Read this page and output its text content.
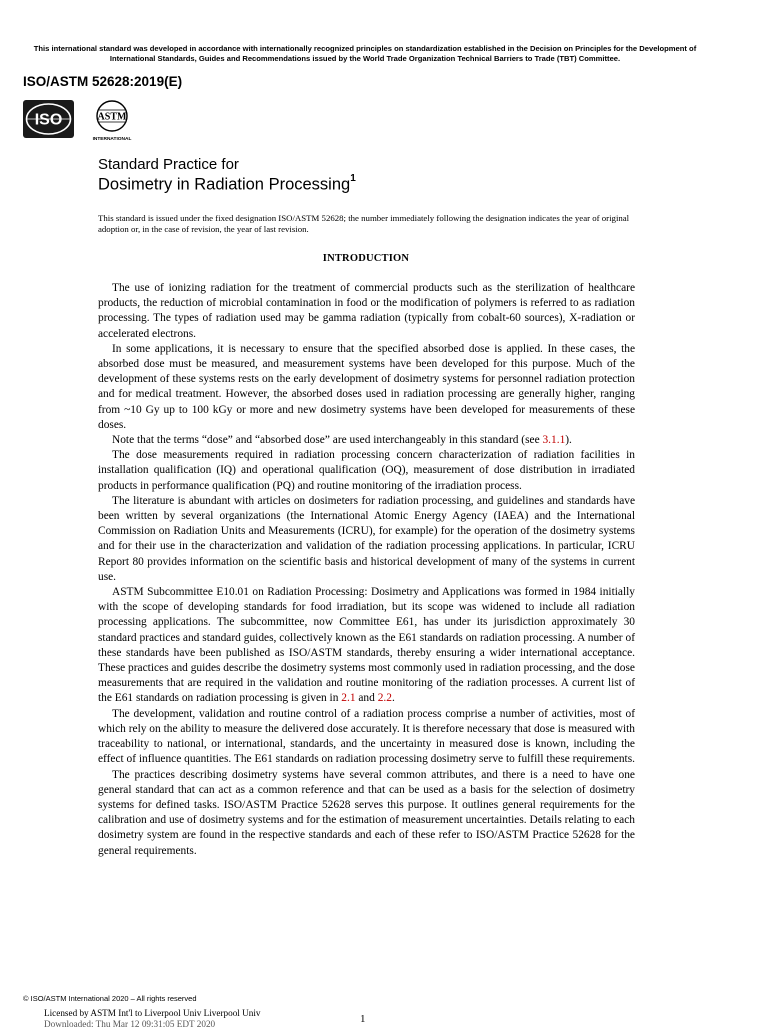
This international standard was developed in accordance with internationally recognized principles on standardization established in the Decision on Principles for the Development of International Standards, Guides and Recommendations issued by the World Trade Organization Technical Barriers to Trade (TBT) Committee.
ISO/ASTM 52628:2019(E)
ISO	ASTM
INTERNATIONAL
Standard Practice for
Dosimetry in Radiation Processing$^1$
This standard is issued under the fixed designation ISO/ASTM 52628; the number immediately following the designation indicates the year of original adoption or, in the case of revision, the year of last revision.
INTRODUCTION

The use of ionizing radiation for the treatment of commercial products such as the sterilization of healthcare products, the reduction of microbial contamination in food or the modification of polymers is referred to as radiation processing. The types of radiation used may be gamma radiation (typically from cobalt-60 sources), X-radiation or accelerated electrons.

In some applications, it is necessary to ensure that the specified absorbed dose is applied. In these cases, the absorbed dose must be measured, and measurement systems have been developed for this purpose. Much of the development of these systems rests on the early development of dosimetry systems for personnel radiation protection and for medical treatment. However, the absorbed doses used in radiation processing are generally higher, ranging from ~10 Gy up to 100 kGy or more and new dosimetry systems have been developed for measurements of these doses.

Note that the terms “dose” and “absorbed dose” are used interchangeably in this standard (see 3.1.1).

The dose measurements required in radiation processing concern characterization of radiation facilities in installation qualification (IQ) and operational qualification (OQ), measurement of dose distribution in irradiated products in performance qualification (PQ) and routine monitoring of the irradiation process.

The literature is abundant with articles on dosimeters for radiation processing, and guidelines and standards have been written by several organizations (the International Atomic Energy Agency (IAEA) and the International Commission on Radiation Units and Measurements (ICRU), for example) for the operation of the dosimetry systems and for their use in the characterization and validation of the radiation processing applications. In particular, ICRU Report 80 provides information on the scientific basis and historical development of many of the systems in current use.

ASTM Subcommittee E10.01 on Radiation Processing: Dosimetry and Applications was formed in 1984 initially with the scope of developing standards for food irradiation, but its scope was widened to include all radiation processing applications. The subcommittee, now Committee E61, has under its jurisdiction approximately 30 standard practices and standard guides, collectively known as the E61 standards on radiation processing. A number of these standards have been published as ISO/ASTM standards, thereby ensuring a wider international acceptance. These practices and guides describe the dosimetry systems most commonly used in radiation processing, and the dose measurements that are required in the validation and routine monitoring of the radiation processes. A current list of the E61 standards on radiation processing is given in 2.1 and 2.2.

The development, validation and routine control of a radiation process comprise a number of activities, most of which rely on the ability to measure the delivered dose accurately. It is therefore necessary that dose is measured with traceability to national, or international, standards, and the uncertainty in measured dose is known, including the effect of influence quantities. The E61 standards on radiation processing dosimetry serve to fulfill these requirements.

The practices describing dosimetry systems have several common attributes, and there is a need to have one general standard that can act as a common reference and that can be used as a basis for the selection of dosimetry systems for defined tasks. ISO/ASTM Practice 52628 serves this purpose. It outlines general requirements for the calibration and use of dosimetry systems and for the estimation of measurement uncertainties. Details relating to each dosimetry system are found in the respective standards and each of these refer to ISO/ASTM Practice 52628 for the general requirements.

© ISO/ASTM International 2020 – All rights reserved
Licensed by ASTM Int'l to Liverpool Univ Liverpool Univ
Downloaded: Thu Mar 12 09:31:05 EDT 2020	1
